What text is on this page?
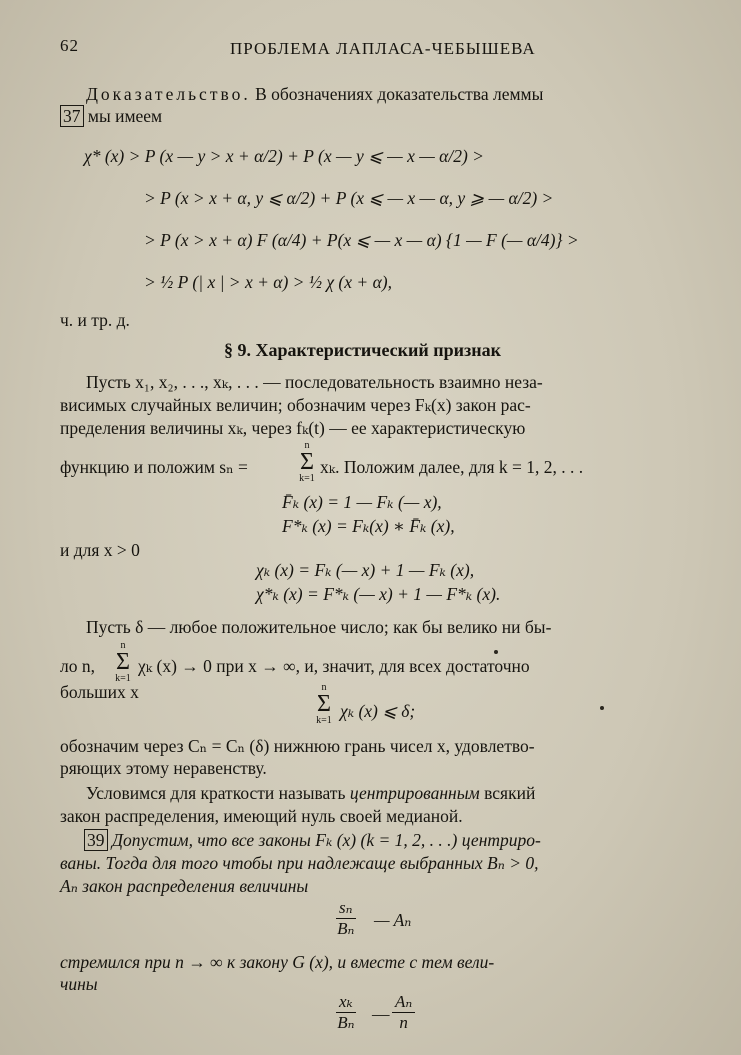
62	ПРОБЛЕМА ЛАПЛАСА-ЧЕБЫШЕВА
Доказательство. В обозначениях доказательства леммы
37 мы имеем
χ* (x) > P (x — y > x + α/2) + P (x — y ⩽ — x — α/2) >
> P (x > x + α, y ⩽ α/2) + P (x ⩽ — x — α, y ⩾ — α/2) >
> P (x > x + α) F (α/4) + P(x ⩽ — x — α) {1 — F (— α/4)} >
> ½ P (| x | > x + α) > ½ χ (x + α),
ч. и тр. д.
§ 9. Характеристический признак
Пусть x₁, x₂, . . ., xₖ, . . . — последовательность взаимно неза-
висимых случайных величин; обозначим через Fₖ(x) закон рас-
пределения величины xₖ, через fₖ(t) — ее характеристическую
функцию и положим sₙ =
n
Σ
k=1
xₖ. Положим далее, для k = 1, 2, . . .
F̄ₖ (x) = 1 — Fₖ (— x),
F*ₖ (x) = Fₖ(x) ∗ F̄ₖ (x),
и для x > 0
χₖ (x) = Fₖ (— x) + 1 — Fₖ (x),
χ*ₖ (x) = F*ₖ (— x) + 1 — F*ₖ (x).
Пусть δ — любое положительное число; как бы велико ни бы-
ло n,
n
Σ
k=1
χₖ (x) → 0 при x → ∞, и, значит, для всех достаточно
больших x	n
Σ
k=1 χₖ (x) ⩽ δ;
обозначим через Cₙ = Cₙ (δ) нижнюю грань чисел x, удовлетво-
ряющих этому неравенству.
Условимся для краткости называть центрированным всякий
закон распределения, имеющий нуль своей медианой.
39 Допустим, что все законы Fₖ (x) (k = 1, 2, . . .) центриро-
ваны. Тогда для того чтобы при надлежаще выбранных Bₙ > 0,
Aₙ закон распределения величины
$\frac{\text{sₙ}}{\text{Bₙ}}$ — Aₙ
стремился при n → ∞ к закону G (x), и вместе с тем вели-
чины
$\frac{\text{xₖ}}{\text{Bₙ}}$ — $\frac{\text{Aₙ}}{n}$
